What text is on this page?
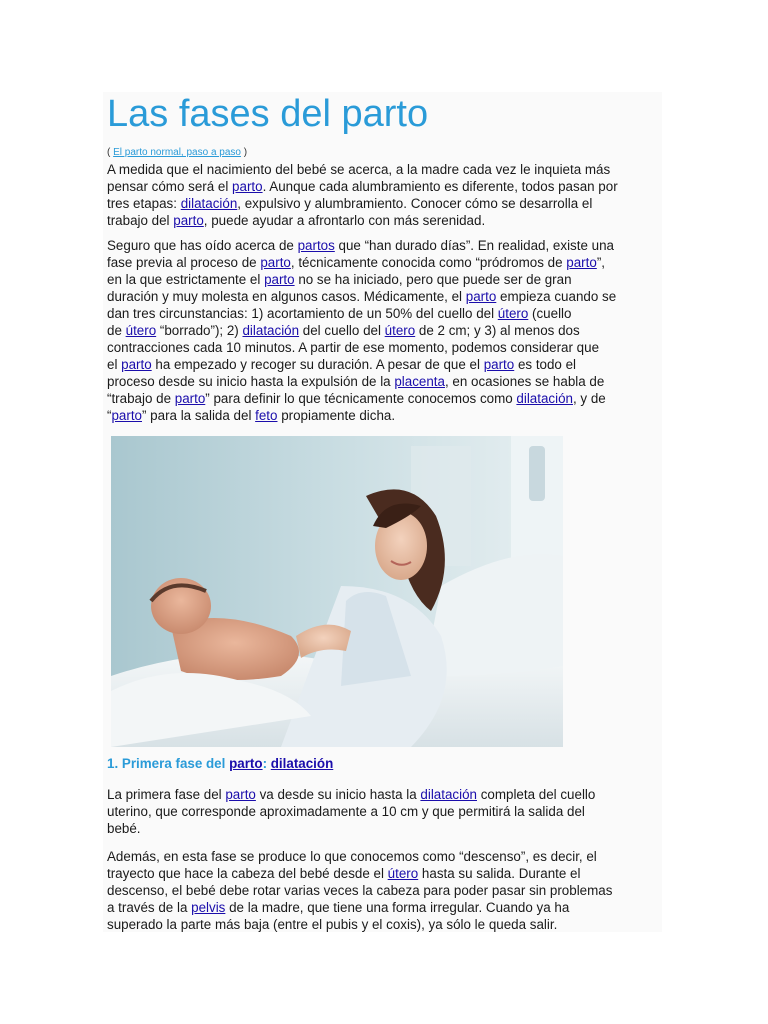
Las fases del parto
( El parto normal, paso a paso )
A medida que el nacimiento del bebé se acerca, a la madre cada vez le inquieta más
pensar cómo será el parto. Aunque cada alumbramiento es diferente, todos pasan por
tres etapas: dilatación, expulsivo y alumbramiento. Conocer cómo se desarrolla el
trabajo del parto, puede ayudar a afrontarlo con más serenidad.
Seguro que has oído acerca de partos que “han durado días”. En realidad, existe una
fase previa al proceso de parto, técnicamente conocida como “pródromos de parto”,
en la que estrictamente el parto no se ha iniciado, pero que puede ser de gran
duración y muy molesta en algunos casos. Médicamente, el parto empieza cuando se
dan tres circunstancias: 1) acortamiento de un 50% del cuello del útero (cuello
de útero “borrado”); 2) dilatación del cuello del útero de 2 cm; y 3) al menos dos
contracciones cada 10 minutos. A partir de ese momento, podemos considerar que
el parto ha empezado y recoger su duración. A pesar de que el parto es todo el
proceso desde su inicio hasta la expulsión de la placenta, en ocasiones se habla de
“trabajo de parto” para definir lo que técnicamente conocemos como dilatación, y de
“parto” para la salida del feto propiamente dicha.
1. Primera fase del parto: dilatación
La primera fase del parto va desde su inicio hasta la dilatación completa del cuello
uterino, que corresponde aproximadamente a 10 cm y que permitirá la salida del
bebé.
Además, en esta fase se produce lo que conocemos como “descenso”, es decir, el
trayecto que hace la cabeza del bebé desde el útero hasta su salida. Durante el
descenso, el bebé debe rotar varias veces la cabeza para poder pasar sin problemas
a través de la pelvis de la madre, que tiene una forma irregular. Cuando ya ha
superado la parte más baja (entre el pubis y el coxis), ya sólo le queda salir.
